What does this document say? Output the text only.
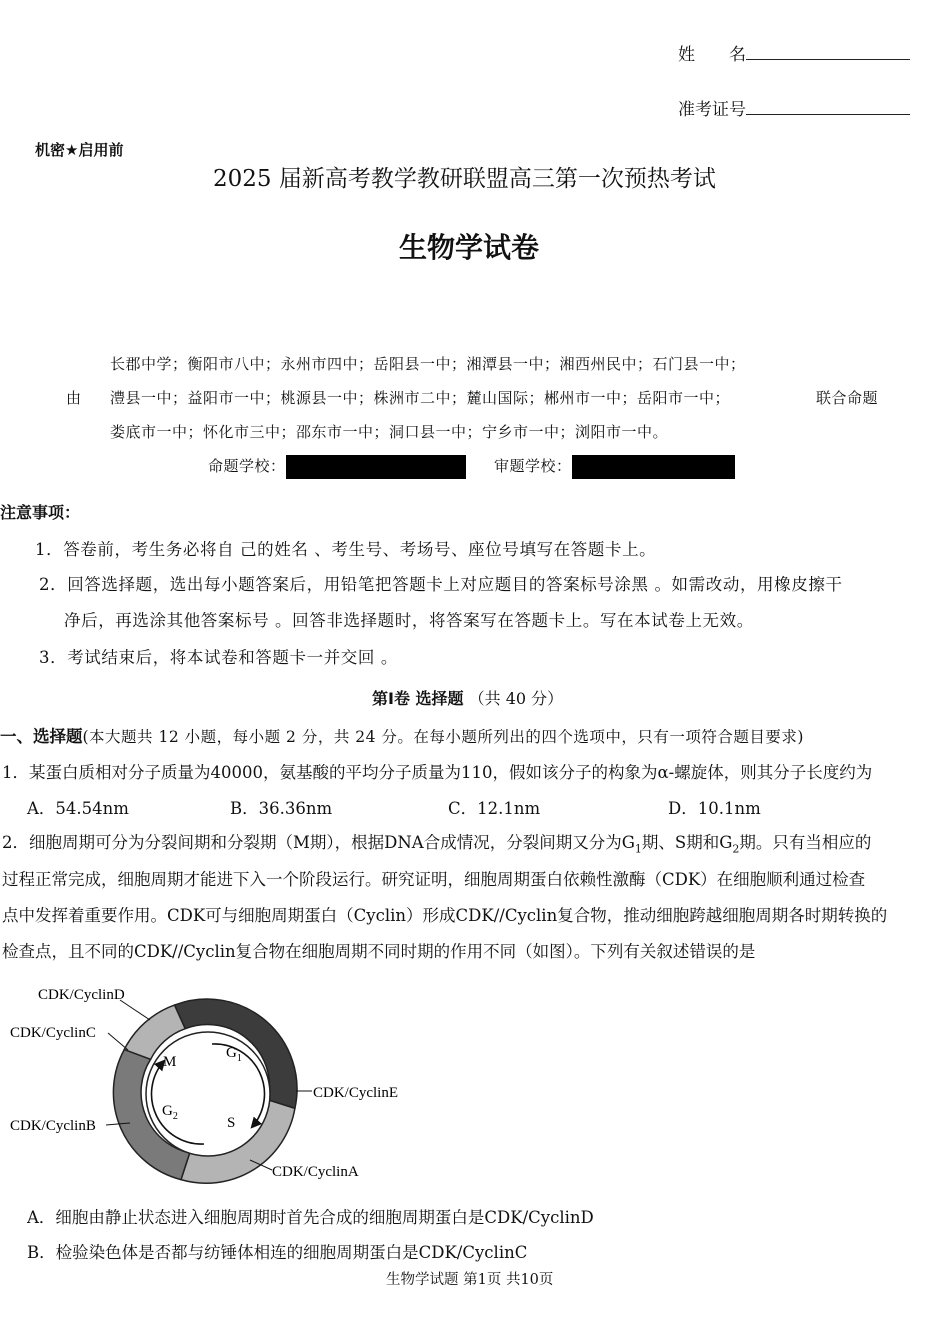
姓　　名
准考证号
机密★启用前
2025 届新高考教学教研联盟高三第一次预热考试
生物学试卷
长郡中学；衡阳市八中；永州市四中；岳阳县一中；湘潭县一中；湘西州民中；石门县一中；
由 澧县一中；益阳市一中；桃源县一中；株洲市二中；麓山国际；郴州市一中；岳阳市一中；	联合命题
娄底市一中；怀化市三中；邵东市一中；洞口县一中；宁乡市一中；浏阳市一中。
命题学校：	审题学校：
注意事项：
1．答卷前，考生务必将自 己的姓名 、考生号、考场号、座位号填写在答题卡上。
2．回答选择题，选出每小题答案后，用铅笔把答题卡上对应题目的答案标号涂黑 。如需改动，用橡皮擦干
净后，再选涂其他答案标号 。回答非选择题时，将答案写在答题卡上。写在本试卷上无效。
3．考试结束后，将本试卷和答题卡一并交回 。
第Ⅰ卷 选择题 （共 40 分）
一、选择题(本大题共 12 小题，每小题 2 分，共 24 分。在每小题所列出的四个选项中，只有一项符合题目要求)
1．某蛋白质相对分子质量为40000，氨基酸的平均分子质量为110，假如该分子的构象为α-螺旋体，则其分子长度约为
A．54.54nm	B．36.36nm	C．12.1nm	D．10.1nm
2．细胞周期可分为分裂间期和分裂期（M期），根据DNA合成情况，分裂间期又分为$G_1$期、S期和$G_2$期。只有当相应的
过程正常完成，细胞周期才能进下入一个阶段运行。研究证明，细胞周期蛋白依赖性激酶（CDK）在细胞顺利通过检查
点中发挥着重要作用。CDK可与细胞周期蛋白（Cyclin）形成CDK//Cyclin复合物，推动细胞跨越细胞周期各时期转换的
检查点，且不同的CDK//Cyclin复合物在细胞周期不同时期的作用不同（如图）。下列有关叙述错误的是
M
$G_1$
S
$G_2$
CDK/CyclinD
CDK/CyclinC
CDK/CyclinB
CDK/CyclinE
CDK/CyclinA
A．细胞由静止状态进入细胞周期时首先合成的细胞周期蛋白是CDK/CyclinD
B．检验染色体是否都与纺锤体相连的细胞周期蛋白是CDK/CyclinC
生物学试题 第1页 共10页
